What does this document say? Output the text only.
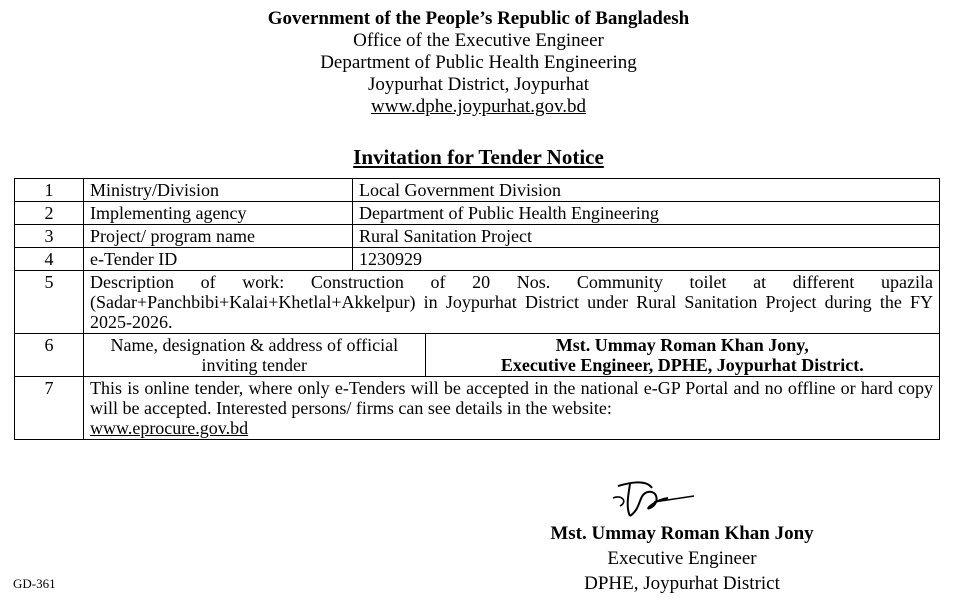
Government of the People’s Republic of Bangladesh
Office of the Executive Engineer
Department of Public Health Engineering
Joypurhat District, Joypurhat
www.dphe.joypurhat.gov.bd
Invitation for Tender Notice
1	Ministry/Division	Local Government Division	
2	Implementing agency	Department of Public Health Engineering	
3	Project/ program name	Rural Sanitation Project	
4	e-Tender ID	1230929	
5	Description of work: Construction of 20 Nos. Community toilet at different upazila (Sadar+Panchbibi+Kalai+Khetlal+Akkelpur) in Joypurhat District under Rural Sanitation Project during the FY 2025-2026.		
6	Name, designation & address of official inviting tender		Mst. Ummay Roman Khan Jony,
Executive Engineer, DPHE, Joypurhat District.

7	This is online tender, where only e-Tenders will be accepted in the national e-GP Portal and no offline or hard copy will be accepted. Interested persons/ firms can see details in the website:
www.eprocure.gov.bd		
Mst. Ummay Roman Khan Jony
Executive Engineer
DPHE, Joypurhat District
GD-361
